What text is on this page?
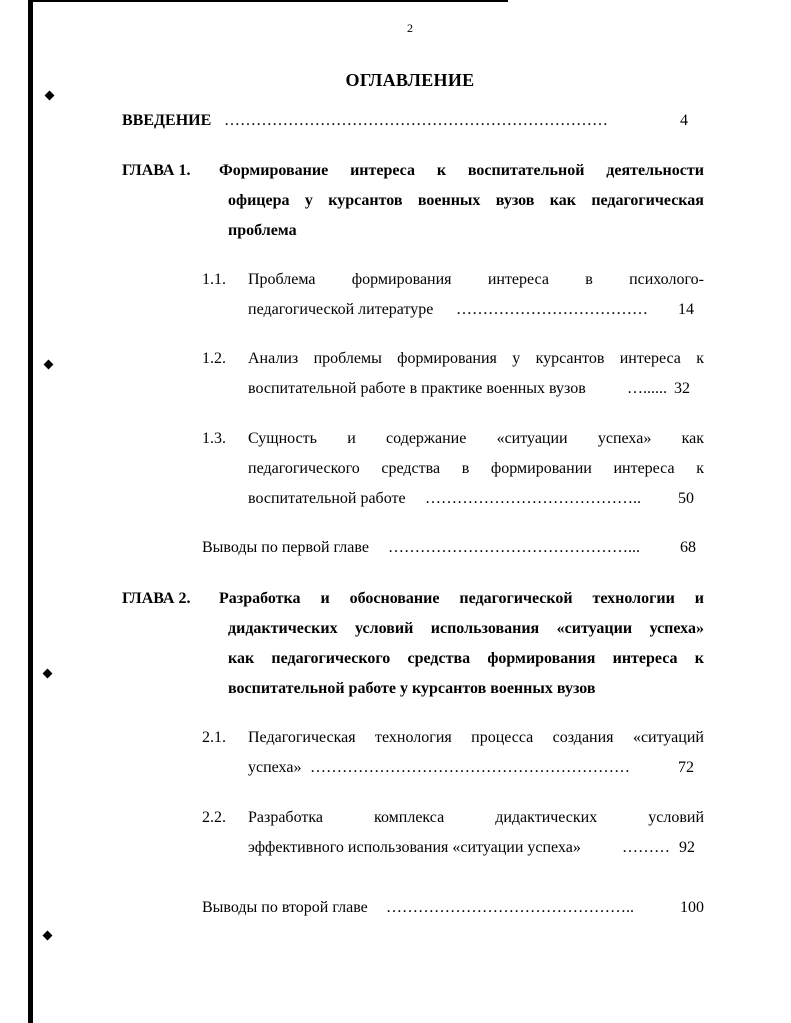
2
ОГЛАВЛЕНИЕ
ВВЕДЕНИЕ ………………………………………………………………	4
ГЛАВА 1. Формирование интереса к воспитательной деятельности
офицера у курсантов военных вузов как педагогическая
проблема
1.1. Проблема формирования интереса в психолого-
педагогической литературе ………………………………	14
1.2. Анализ проблемы формирования у курсантов интереса к
воспитательной работе в практике военных вузов	…...... 32
1.3. Сущность и содержание «ситуации успеха» как
педагогического средства в формировании интереса к
воспитательной работе …………………………………..	50
Выводы по первой главе ………………………………………...	68
ГЛАВА 2. Разработка и обоснование педагогической технологии и
дидактических условий использования «ситуации успеха»
как педагогического средства формирования интереса к
воспитательной работе у курсантов военных вузов
2.1. Педагогическая технология процесса создания «ситуаций
успеха» ……………………………………………………	72
2.2. Разработка	комплекса	дидактических	условий
эффективного использования «ситуации успеха»	……… 92
Выводы по второй главе ………………………………………..	100
